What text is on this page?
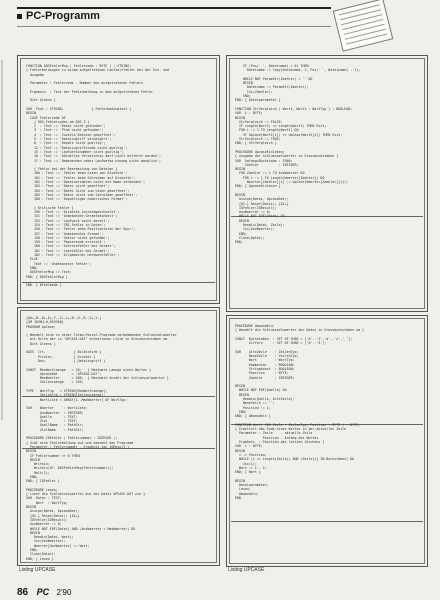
PC-Programm
FUNCTION DOSFehlerMsg ( Fehlercode : BYTE ) : STRING;
{ Fehlermeldungen zu einem aufgetretenen Laufzeitfehler bei der Ein- und
Ausgabe

Parameter : Fehlercode - Nummer des aufgetretenen Fehlers

Ergebnis  : Text der Fehlermeldung zu dem aufgetretenen Fehler

Ditt Aleenx }

VAR  Text : STRING;              { Fehlerbedingtext }
BEGIN
CASE Fehlercode OF
{ DOS-Fehlercodes ab DOS 3 }
2  : Text := 'Datei nicht gefunden';
3  : Text := 'Pfad nicht gefunden';
4  : Text := 'Zuviele Dateien geoeffnet';
5  : Text := 'Dateizugriff verweigert';
6  : Text := 'Handle nicht gueltig';
12 : Text := 'Dateizugriffscode nicht gueltig';
15 : Text := 'Laufwerksnummer nicht gueltig';
16 : Text := 'Aktuelles Verzeichnis darf nicht entfernt werden';
17 : Text := 'Umbenennen ueber Laufwerke hinweg nicht moeglich';

{ Fehler bei der Bearbeitung von Dateien }
100 : Text := 'Fehler beim Lesen von Diskette';
101 : Text := 'Fehler beim Schreiben auf Diskette';
102 : Text := 'Dateivariablen nicht mit Name verbunden';
103 : Text := 'Datei nicht geoeffnet';
104 : Text := 'Datei nicht zum Lesen geoeffnet';
105 : Text := 'Datei nicht zum Schreiben geoeffnet';
106 : Text := 'Ungueltiges numerisches Format';

{ Kritische Fehler }
150 : Text := 'Diskette schreibgeschuetzt';
151 : Text := 'Unbekannte Geraeteeinheit';
152 : Text := 'Laufwerk nicht bereit';
154 : Text := 'CRC-Fehler in Daten';
156 : Text := 'Fehler beim Positionieren der Spur';
157 : Text := 'Unbekanntes Format';
158 : Text := 'Sektor nicht gefunden';
159 : Text := 'Papierende erreicht';
160 : Text := 'Schreibfehler bei Geraet';
161 : Text := 'Lesefehler bei Geraet';
162 : Text := 'Allgemeiner Hardwarefehler';
ELSE
Text := 'Unbekannter Fehler';
END;
DOSFehlerMsg := Text;
END; { DOSFehlerMsg }

END. { #Fehlmode }
{$A+,B-,D+,E+,F-,I+,L+,N-,O-,R-,S+,V-}
{$M 16384,0,655360}
PROGRAM UpCase;

{ Wandelt eine in einer Turbo-Pascal-Programm vorkommenden Schluesselwoerter
mit Hilfe der in "UPCASE.DAT" enthaltenen Liste in Grossbuchstaben um.
Ditt Aleenx }

USES  Crt,              { Bildschirm }
Printer,          { Drucker }
Dos;              { Dateizugriff }

CONST  MaxWortLaenge   = 20;   { Maximale Laenge eines Wortes }
UpcaseDat       = 'UPCASE.DAT';
MaxWoerter      = 300;  { Maximale Anzahl der Schluesselwoerter }
ZeilenLaenge    = 255;

TYPE   WortTyp   = STRING[MaxWortLaenge];
ZeilenTyp = STRING[ZeilenLaenge];
WortListe = ARRAY[1..MaxWoerter] OF WortTyp;

VAR    Woerter     : WortListe;
AnzWoerter  : INTEGER;
Quelle      : TEXT;
Ziel        : TEXT;
QuellName   : PathStr;
ZielName    : PathStr;

PROCEDURE IOFehler ( Fehlernummer : INTEGER );
{ Gibt eine Fehlermeldung aus und beendet das Programm
Parameter : Fehlernummer - Ergebnis von IOResult }
BEGIN
IF Fehlernummer <> 0 THEN
BEGIN
WriteLn;
WriteLn(#7, DOSFehlerMsg(Fehlernummer));
Halt(1);
END;
END; { IOFehler }

PROCEDURE Lesen;
{ Liest die Schluesselwoerter aus der Datei UPCASE.DAT ein }
VAR  Datei : TEXT;
Wort  : WortTyp;
BEGIN
Assign(Datei, UpcaseDat);
{$I-} Reset(Datei); {$I+}
IOFehler(IOResult);
AnzWoerter := 0;
WHILE NOT EOF(Datei) AND (AnzWoerter < MaxWoerter) DO
BEGIN
ReadLn(Datei, Wort);
Inc(AnzWoerter);
Woerter[AnzWoerter] := Wort;
END;
Close(Datei);
END; { Lesen }

IF (Pos(' ', Dateiname) > 0) THEN
Dateiname := Copy(Dateiname, 1, Pos(' ', Dateiname) - 1);

WHILE NOT ParamStr(Zaehler) = '' DO
BEGIN
Dateiname := ParamStr(Zaehler);
Inc(Zaehler);
END;
END; { Dateiparameter }

FUNCTION StrVergleich ( Wort1, Wort2 : WortTyp ) : BOOLEAN;
VAR  i : BYTE;
BEGIN
StrVergleich := FALSE;
IF Length(Wort1) <> Length(Wort2) THEN Exit;
FOR i := 1 TO Length(Wort1) DO
IF UpCase(Wort1[i]) <> UpCase(Wort2[i]) THEN Exit;
StrVergleich := TRUE;
END; { StrVergleich }

PROCEDURE UpcaseEinlesen;
{ Ausgabe der Schluesselwoerter in Grossbuchstaben }
VAR  AnfangsBuchstabe : CHAR;
Zaehler          : INTEGER;
BEGIN
FOR Zaehler := 1 TO AnzWoerter DO
FOR i := 1 TO Length(Woerter[Zaehler]) DO
Woerter[Zaehler][i] := UpCase(Woerter[Zaehler][i]);
END; { UpcaseEinlesen }

BEGIN
Assign(Datei, UpcaseDat);
{$I-} Reset(Datei); {$I+}
IOFehler(IOResult);
AnzWoerter := 0;
WHILE NOT EOF(Datei) DO
BEGIN
ReadLn(Datei, Zeile);
Inc(AnzWoerter);
END;
Close(Datei);
END;
PROCEDURE Umwandeln;
{ Wandelt die Schluesselwoerter der Datei in Grossbuchstaben um }

CONST  Buchstaben  : SET OF CHAR = ['A'..'Z','a'..'z','_'];
Ziffern     : SET OF CHAR = ['0'..'9'];

VAR    AlteZeile    : ZeilenTyp;
NeueZeile    : ZeilenTyp;
Wort         : WortTyp;
Kommentar    : BOOLEAN;
Stringkonst  : BOOLEAN;
Position     : BYTE;
Zaehler      : INTEGER;

BEGIN
WHILE NOT EOF(Quelle) DO
BEGIN
ReadLn(Quelle, AlteZeile);
NeueZeile := '';
Position := 1;
END;
END; { Umwandeln }

FUNCTION Wort( VAR Zeile : ZeilenTyp; Position : BYTE ) : BYTE;
{ Ermittelt das Ende eines Wortes in der aktuellen Zeile
Parameter : Zeile    - aktuelle Zeile
Position - Anfang des Wortes
Ergebnis  : Position des letzten Zeichens }
VAR  i : BYTE;
BEGIN
i := Position;
WHILE (i <= Length(Zeile)) AND (Zeile[i] IN Buchstaben) DO
Inc(i);
Wort := i - 1;
END; { Wort }

BEGIN
Dateiparameter;
Lesen;
Umwandeln;
END.
Listing UPCASE	Listing UPCASE
86 PC 2'90
